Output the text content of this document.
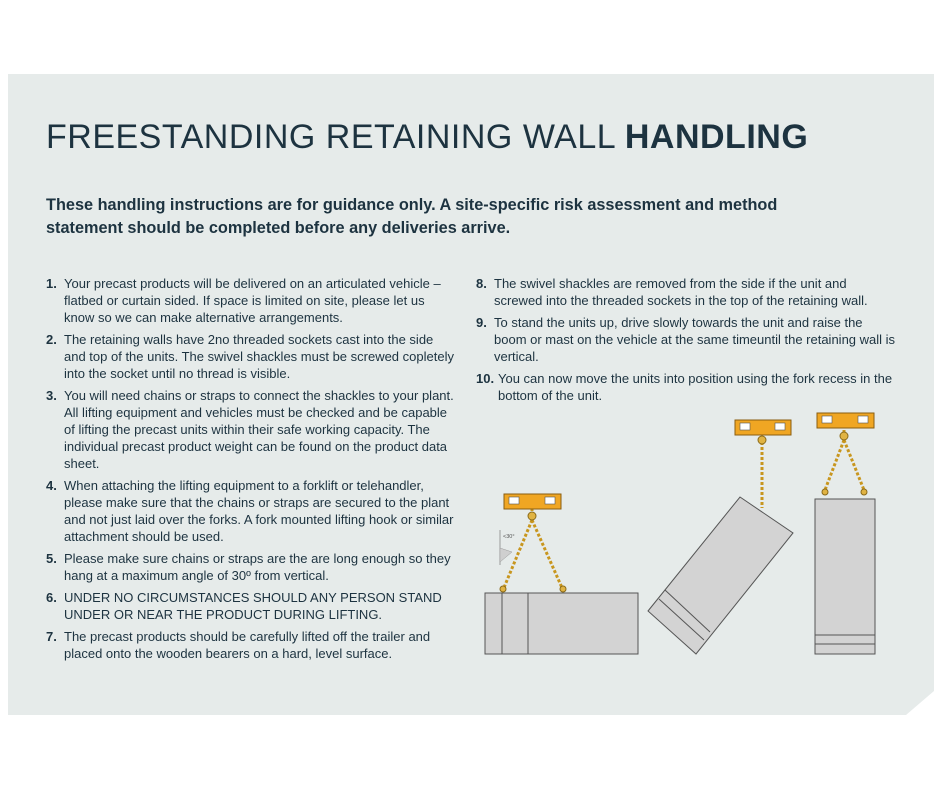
FREESTANDING RETAINING WALL HANDLING

These handling instructions are for guidance only. A site-specific risk assessment and method statement should be completed before any deliveries arrive.

1. Your precast products will be delivered on an articulated vehicle – flatbed or curtain sided. If space is limited on site, please let us know so we can make alternative arrangements.
2. The retaining walls have 2no threaded sockets cast into the side and top of the units. The swivel shackles must be screwed copletely into the socket until no thread is visible.
3. You will need chains or straps to connect the shackles to your plant. All lifting equipment and vehicles must be checked and be capable of lifting the precast units within their safe working capacity. The individual precast product weight can be found on the product data sheet.
4. When attaching the lifting equipment to a forklift or telehandler, please make sure that the chains or straps are secured to the plant and not just laid over the forks. A fork mounted lifting hook or similar attachment should be used.
5. Please make sure chains or straps are the are long enough so they hang at a maximum angle of 30º from vertical.
6. UNDER NO CIRCUMSTANCES SHOULD ANY PERSON STAND UNDER OR NEAR THE PRODUCT DURING LIFTING.
7. The precast products should be carefully lifted off the trailer and placed onto the wooden bearers on a hard, level surface.
8. The swivel shackles are removed from the side if the unit and screwed into the threaded sockets in the top of the retaining wall.
9. To stand the units up, drive slowly towards the unit and raise the boom or mast on the vehicle at the same timeuntil the retaining wall is vertical.
10. You can now move the units into position using the fork recess in the bottom of the unit.
<30°
